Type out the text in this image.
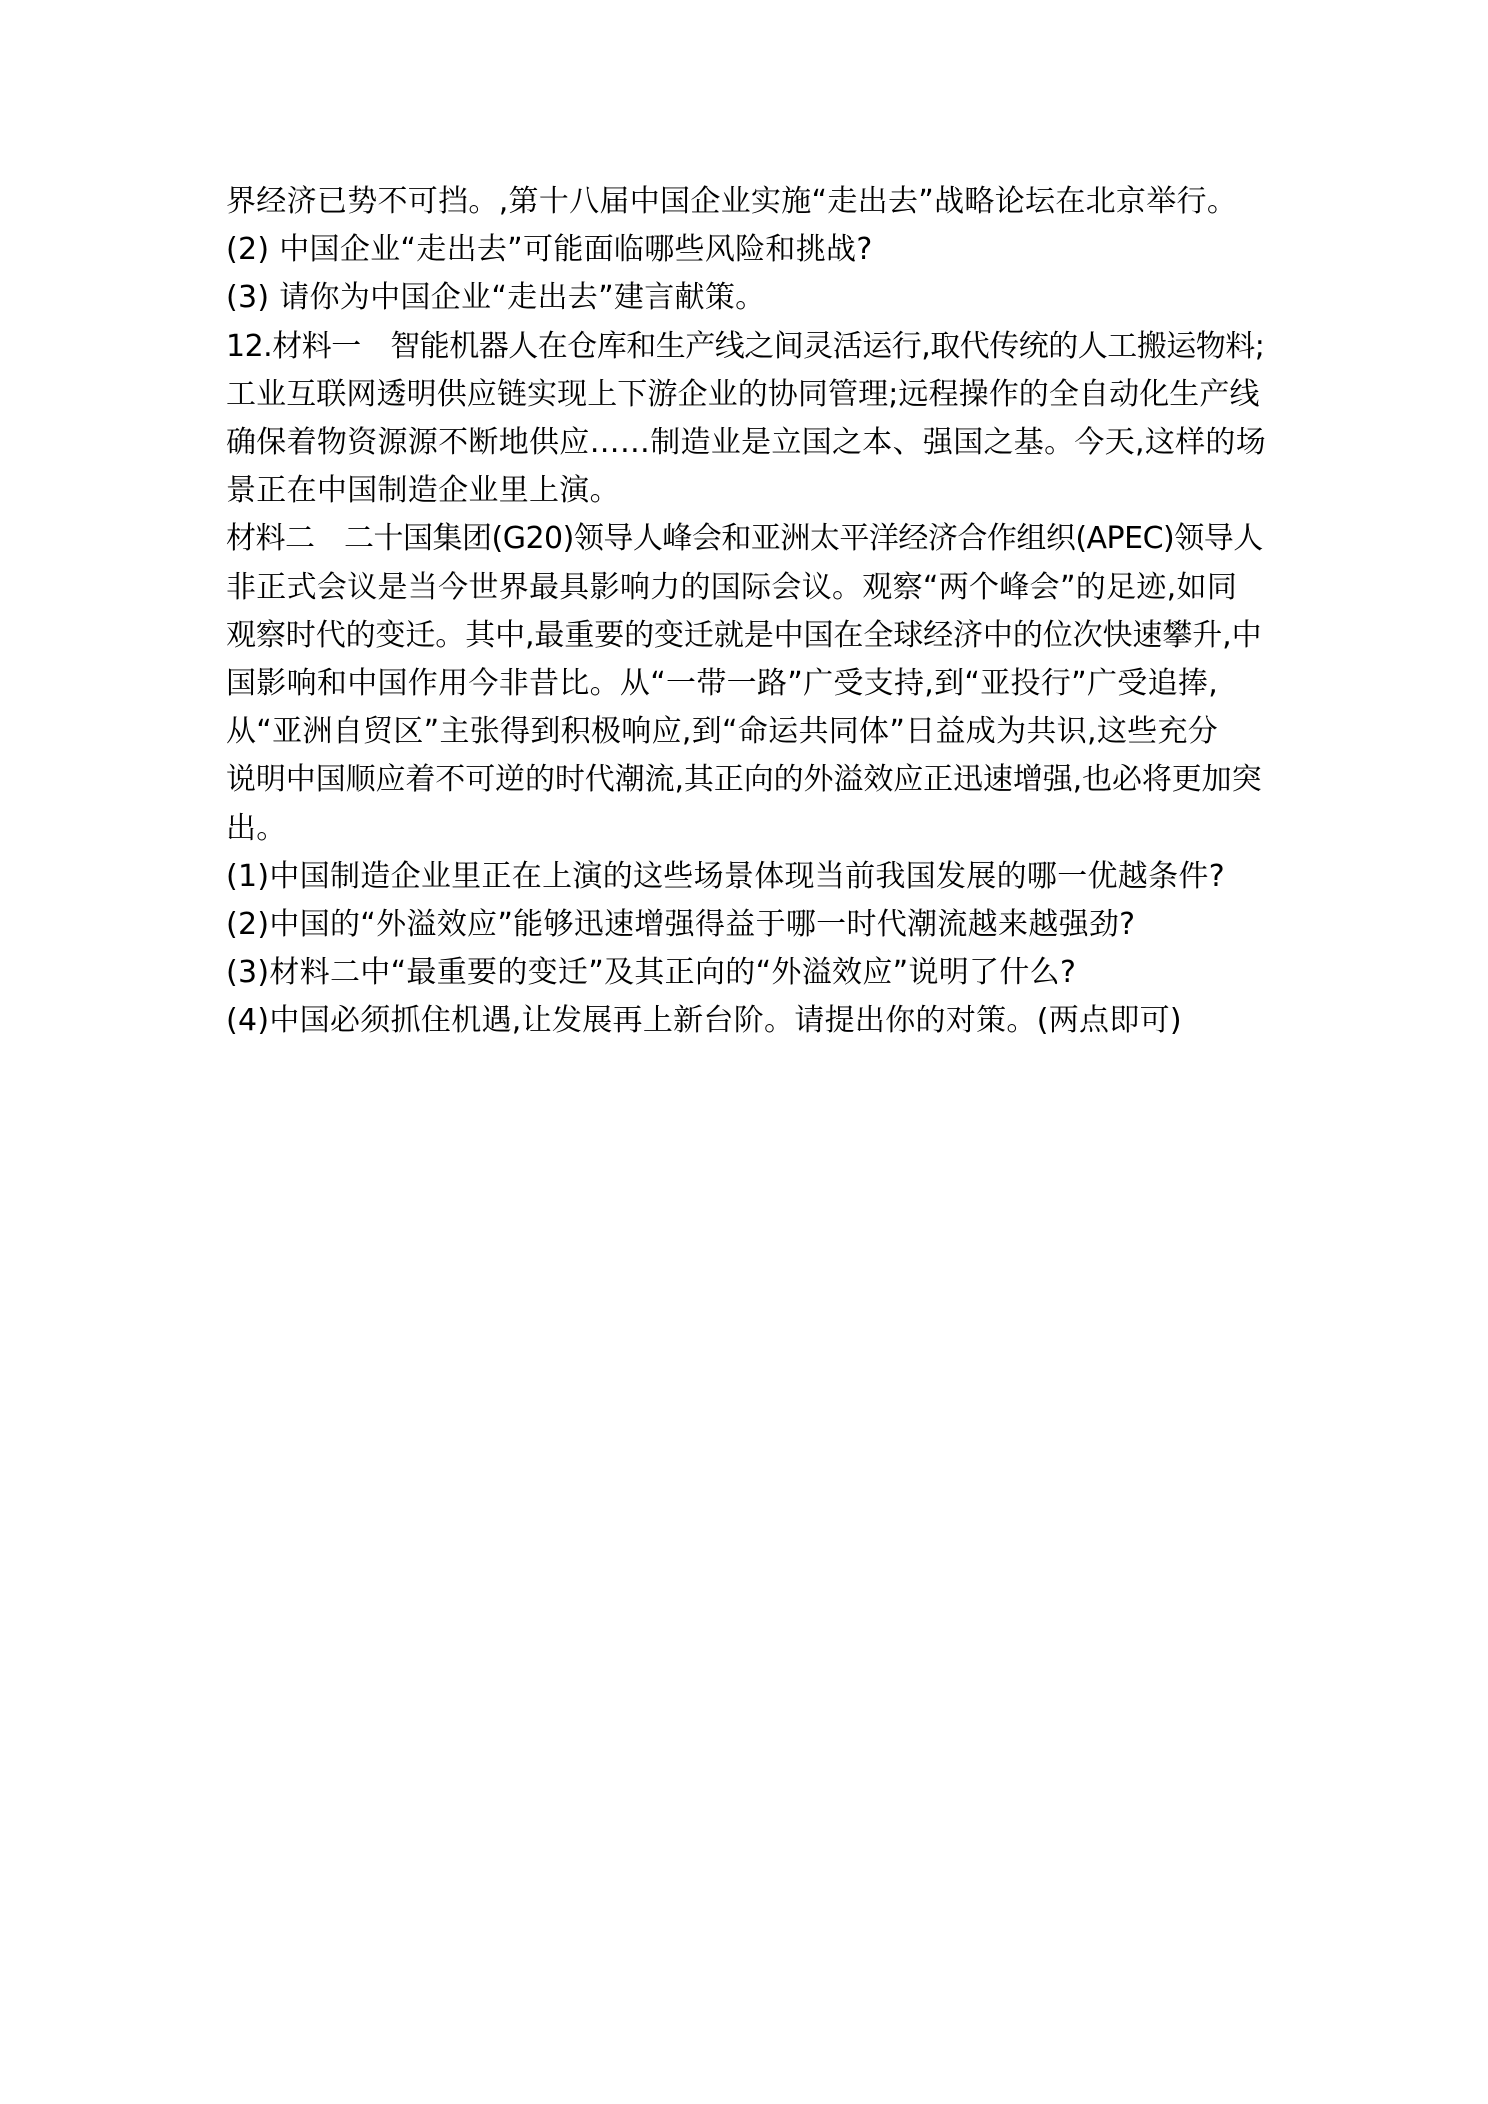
界经济已势不可挡。,第十八届中国企业实施“走出去”战略论坛在北京举行。
(2) 中国企业“走出去”可能面临哪些风险和挑战?
(3) 请你为中国企业“走出去”建言献策。
12.材料一　智能机器人在仓库和生产线之间灵活运行,取代传统的人工搬运物料;
工业互联网透明供应链实现上下游企业的协同管理;远程操作的全自动化生产线
确保着物资源源不断地供应……制造业是立国之本、强国之基。今天,这样的场
景正在中国制造企业里上演。
材料二　二十国集团(G20)领导人峰会和亚洲太平洋经济合作组织(APEC)领导人
非正式会议是当今世界最具影响力的国际会议。观察“两个峰会”的足迹,如同
观察时代的变迁。其中,最重要的变迁就是中国在全球经济中的位次快速攀升,中
国影响和中国作用今非昔比。从“一带一路”广受支持,到“亚投行”广受追捧,
从“亚洲自贸区”主张得到积极响应,到“命运共同体”日益成为共识,这些充分
说明中国顺应着不可逆的时代潮流,其正向的外溢效应正迅速增强,也必将更加突
出。
(1)中国制造企业里正在上演的这些场景体现当前我国发展的哪一优越条件?
(2)中国的“外溢效应”能够迅速增强得益于哪一时代潮流越来越强劲?
(3)材料二中“最重要的变迁”及其正向的“外溢效应”说明了什么?
(4)中国必须抓住机遇,让发展再上新台阶。请提出你的对策。(两点即可)
